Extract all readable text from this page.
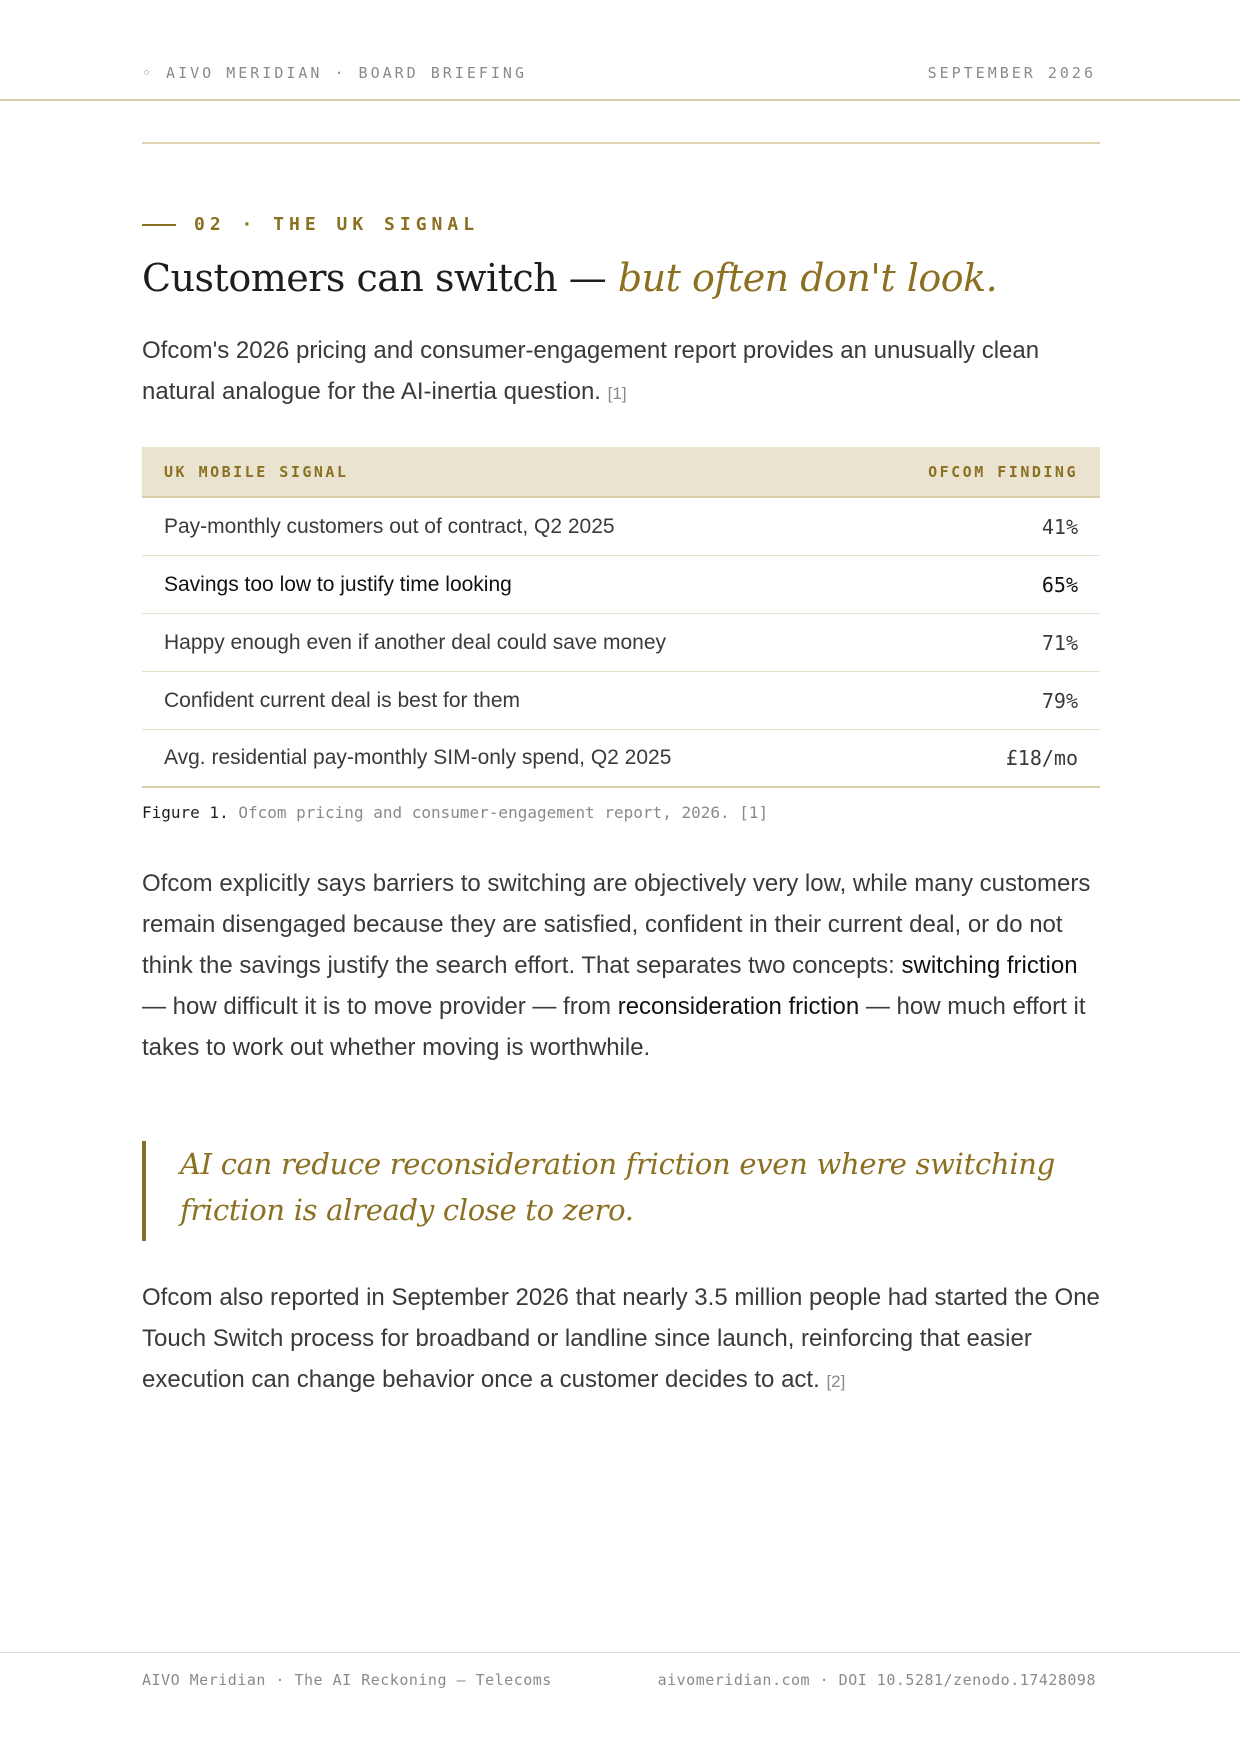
◦ AIVO MERIDIAN · BOARD BRIEFING	SEPTEMBER 2026
02 · THE UK SIGNAL
Customers can switch — but often don't look.

Ofcom's 2026 pricing and consumer-engagement report provides an unusually clean natural analogue for the AI-inertia question. [1]

UK MOBILE SIGNAL	OFCOM FINDING
Pay-monthly customers out of contract, Q2 2025	41%
Savings too low to justify time looking	65%
Happy enough even if another deal could save money	71%
Confident current deal is best for them	79%
Avg. residential pay-monthly SIM-only spend, Q2 2025	£18/mo
Figure 1. Ofcom pricing and consumer-engagement report, 2026. [1]

Ofcom explicitly says barriers to switching are objectively very low, while many customers remain disengaged because they are satisfied, confident in their current deal, or do not think the savings justify the search effort. That separates two concepts: switching friction — how difficult it is to move provider — from reconsideration friction — how much effort it takes to work out whether moving is worthwhile.

AI can reduce reconsideration friction even where switching friction is already close to zero.

Ofcom also reported in September 2026 that nearly 3.5 million people had started the One Touch Switch process for broadband or landline since launch, reinforcing that easier execution can change behavior once a customer decides to act. [2]

AIVO Meridian · The AI Reckoning — Telecoms	aivomeridian.com · DOI 10.5281/zenodo.17428098
